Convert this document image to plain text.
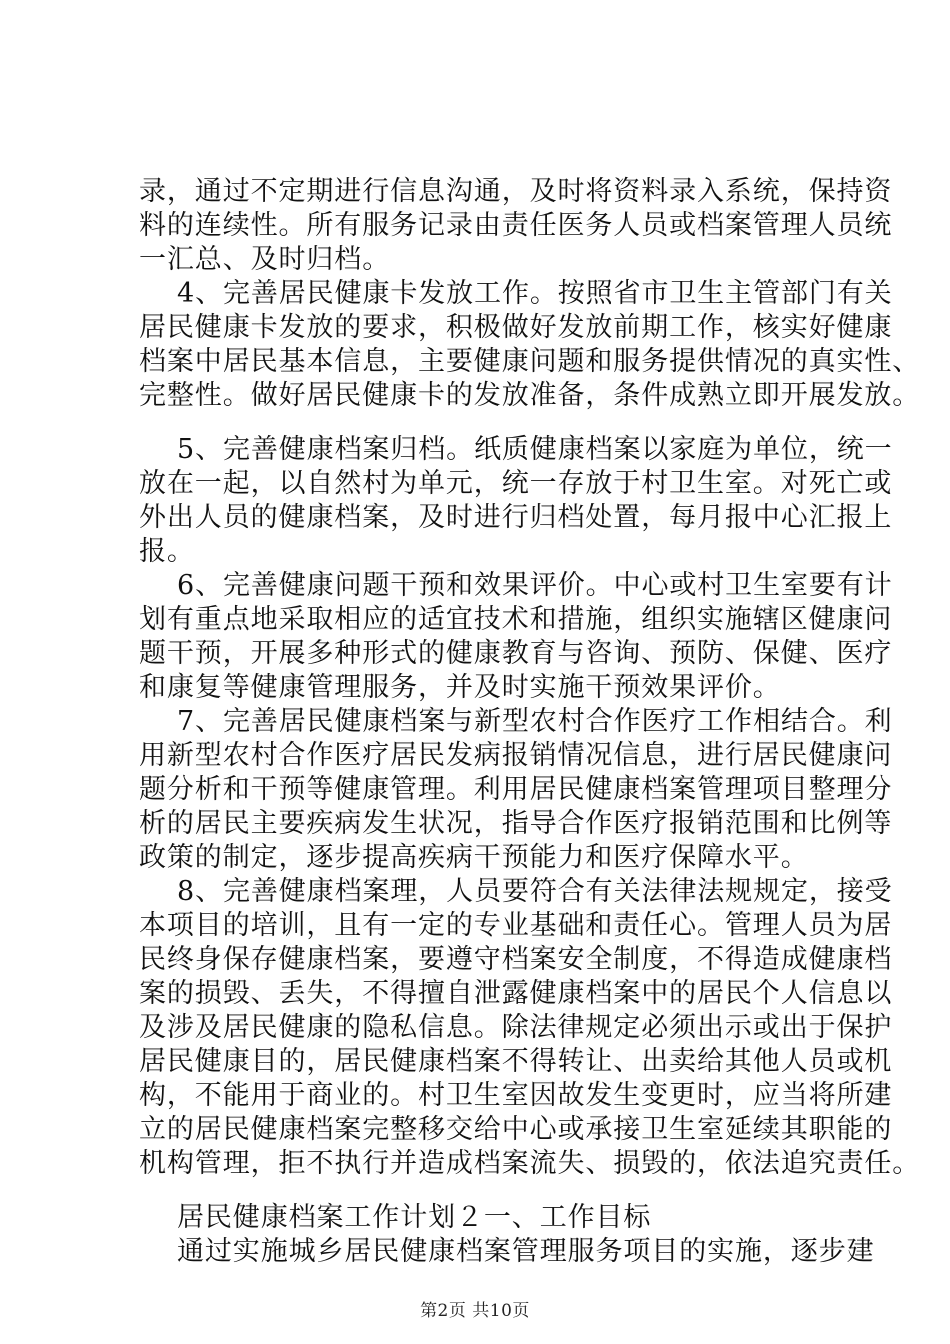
录，通过不定期进行信息沟通，及时将资料录入系统，保持资
料的连续性。所有服务记录由责任医务人员或档案管理人员统
一汇总、及时归档。
4、完善居民健康卡发放工作。按照省市卫生主管部门有关
居民健康卡发放的要求，积极做好发放前期工作，核实好健康
档案中居民基本信息，主要健康问题和服务提供情况的真实性、
完整性。做好居民健康卡的发放准备，条件成熟立即开展发放。
5、完善健康档案归档。纸质健康档案以家庭为单位，统一
放在一起，以自然村为单元，统一存放于村卫生室。对死亡或
外出人员的健康档案，及时进行归档处置，每月报中心汇报上
报。
6、完善健康问题干预和效果评价。中心或村卫生室要有计
划有重点地采取相应的适宜技术和措施，组织实施辖区健康问
题干预，开展多种形式的健康教育与咨询、预防、保健、医疗
和康复等健康管理服务，并及时实施干预效果评价。
7、完善居民健康档案与新型农村合作医疗工作相结合。利
用新型农村合作医疗居民发病报销情况信息，进行居民健康问
题分析和干预等健康管理。利用居民健康档案管理项目整理分
析的居民主要疾病发生状况，指导合作医疗报销范围和比例等
政策的制定，逐步提高疾病干预能力和医疗保障水平。
8、完善健康档案理，人员要符合有关法律法规规定，接受
本项目的培训，且有一定的专业基础和责任心。管理人员为居
民终身保存健康档案，要遵守档案安全制度，不得造成健康档
案的损毁、丢失，不得擅自泄露健康档案中的居民个人信息以
及涉及居民健康的隐私信息。除法律规定必须出示或出于保护
居民健康目的，居民健康档案不得转让、出卖给其他人员或机
构，不能用于商业的。村卫生室因故发生变更时，应当将所建
立的居民健康档案完整移交给中心或承接卫生室延续其职能的
机构管理，拒不执行并造成档案流失、损毁的，依法追究责任。
居民健康档案工作计划２一、工作目标
通过实施城乡居民健康档案管理服务项目的实施，逐步建
第2页 共10页
